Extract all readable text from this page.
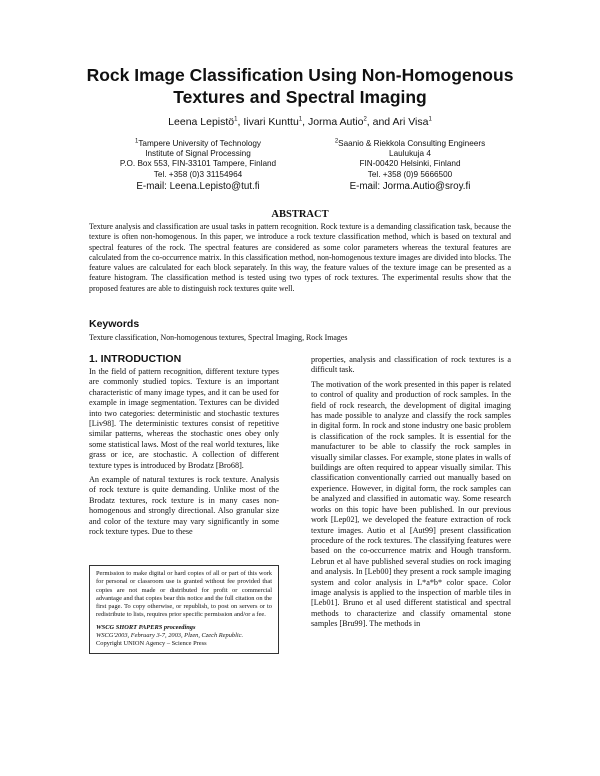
Rock Image Classification Using Non-Homogenous
Textures and Spectral Imaging
Leena Lepistö$^1$, Iivari Kunttu$^1$, Jorma Autio$^2$, and Ari Visa$^1$
$^1$Tampere University of Technology
Institute of Signal Processing
P.O. Box 553, FIN-33101 Tampere, Finland
Tel. +358 (0)3 31154964
E-mail: Leena.Lepisto@tut.fi
$^2$Saanio & Riekkola Consulting Engineers
Laulukuja 4
FIN-00420 Helsinki, Finland
Tel. +358 (0)9 5666500
E-mail: Jorma.Autio@sroy.fi
ABSTRACT
Texture analysis and classification are usual tasks in pattern recognition. Rock texture is a demanding classification task, because the texture is often non-homogenous. In this paper, we introduce a rock texture classification method, which is based on textural and spectral features of the rock. The spectral features are considered as some color parameters whereas the textural features are calculated from the co-occurrence matrix. In this classification method, non-homogenous texture images are divided into blocks. The feature values are calculated for each block separately. In this way, the feature values of the texture image can be presented as a feature histogram. The classification method is tested using two types of rock textures. The experimental results show that the proposed features are able to distinguish rock textures quite well.
Keywords
Texture classification, Non-homogenous textures, Spectral Imaging, Rock Images
1. INTRODUCTION

In the field of pattern recognition, different texture types are commonly studied topics. Texture is an important characteristic of many image types, and it can be used for example in image segmentation. Textures can be divided into two categories: deterministic and stochastic textures [Liv98]. The deterministic textures consist of repetitive similar patterns, whereas the stochastic ones obey only some statistical laws. Most of the real world textures, like grass or ice, are stochastic. A collection of different texture types is introduced by Brodatz [Bro68].

An example of natural textures is rock texture. Analysis of rock texture is quite demanding. Unlike most of the Brodatz textures, rock texture is in many cases non-homogenous and strongly directional. Also granular size and color of the texture may vary significantly in some rock texture types. Due to these

Permission to make digital or hard copies of all or part of this work for personal or classroom use is granted without fee provided that copies are not made or distributed for profit or commercial advantage and that copies bear this notice and the full citation on the first page. To copy otherwise, or republish, to post on servers or to redistribute to lists, requires prior specific permission and/or a fee.

WSCG SHORT PAPERS proceedings

WSCG'2003, February 3-7, 2003, Plzen, Czech Republic.

Copyright UNION Agency – Science Press

properties, analysis and classification of rock textures is a difficult task.

The motivation of the work presented in this paper is related to control of quality and production of rock samples. In the field of rock research, the development of digital imaging has made possible to analyze and classify the rock samples in digital form. In rock and stone industry one basic problem is classification of the rock samples. It is essential for the manufacturer to be able to classify the rock samples in visually similar classes. For example, stone plates in walls of buildings are often required to appear visually similar. This classification conventionally carried out manually based on experience. However, in digital form, the rock samples can be analyzed and classified in automatic way. Some research works on this topic have been published. In our previous work [Lep02], we developed the feature extraction of rock texture images. Autio et al [Aut99] present classification procedure of the rock textures. The classifying features were based on the co-occurrence matrix and Hough transform. Lebrun et al have published several studies on rock imaging and analysis. In [Leb00] they present a rock sample imaging system and color analysis in L*a*b* color space. Color image analysis is applied to the inspection of marble tiles in [Leb01]. Bruno et al used different statistical and spectral methods to characterize and classify ornamental stone samples [Bru99]. The methods in
